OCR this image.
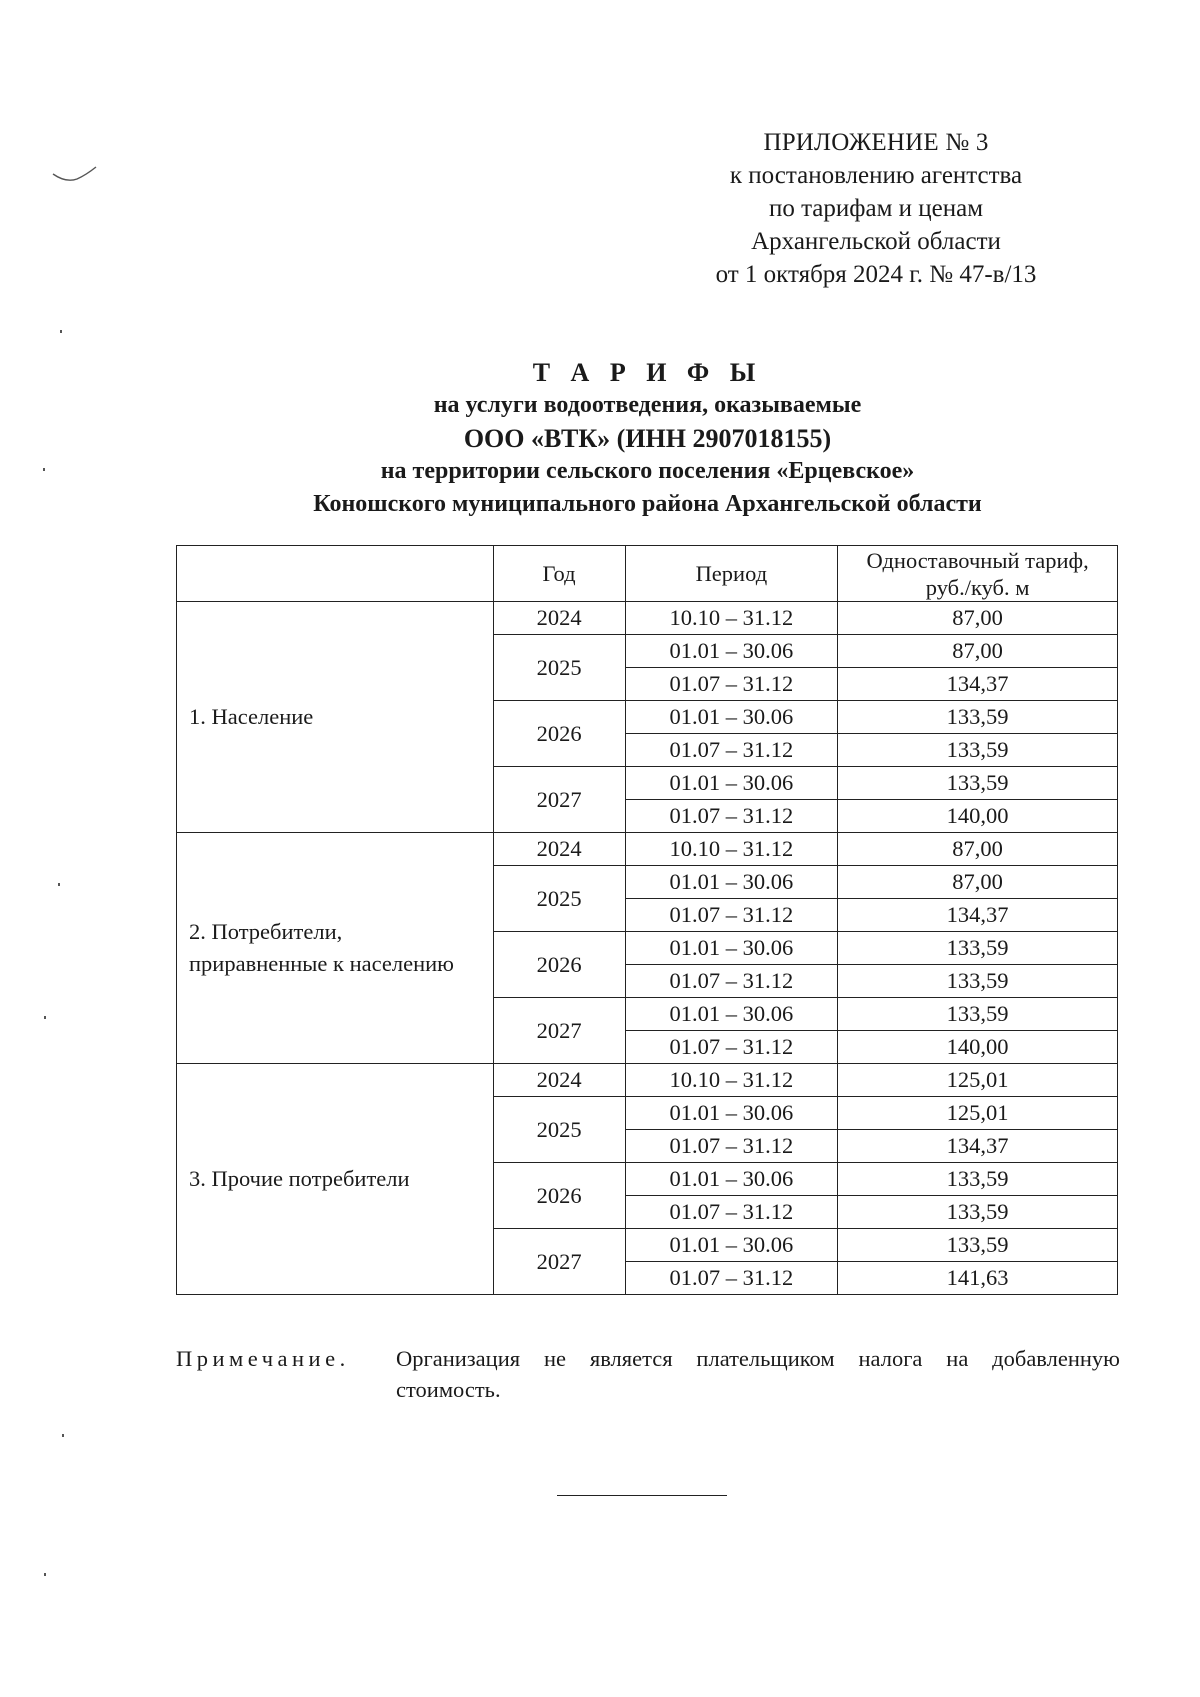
ПРИЛОЖЕНИЕ № 3
к постановлению агентства
по тарифам и ценам
Архангельской области
от 1 октября 2024 г. № 47-в/13
Т А Р И Ф Ы
на услуги водоотведения, оказываемые
ООО «ВТК» (ИНН 2907018155)
на территории сельского поселения «Ерцевское»
Коношского муниципального района Архангельской области
	Год	Период	Одноставочный тариф,
руб./куб. м

1. Население	2024	10.10 – 31.12	87,00
	2025	01.01 – 30.06	87,00
		01.07 – 31.12	134,37
	2026	01.01 – 30.06	133,59
		01.07 – 31.12	133,59
	2027	01.01 – 30.06	133,59
		01.07 – 31.12	140,00

2. Потребители,
приравненные к населению	2024	10.10 – 31.12	87,00
	2025	01.01 – 30.06	87,00
		01.07 – 31.12	134,37
	2026	01.01 – 30.06	133,59
		01.07 – 31.12	133,59
	2027	01.01 – 30.06	133,59
		01.07 – 31.12	140,00

3. Прочие потребители	2024	10.10 – 31.12	125,01
	2025	01.01 – 30.06	125,01
		01.07 – 31.12	134,37
	2026	01.01 – 30.06	133,59
		01.07 – 31.12	133,59
	2027	01.01 – 30.06	133,59
		01.07 – 31.12	141,63
Примечание. Организация не является плательщиком налога на добавленную стоимость.
